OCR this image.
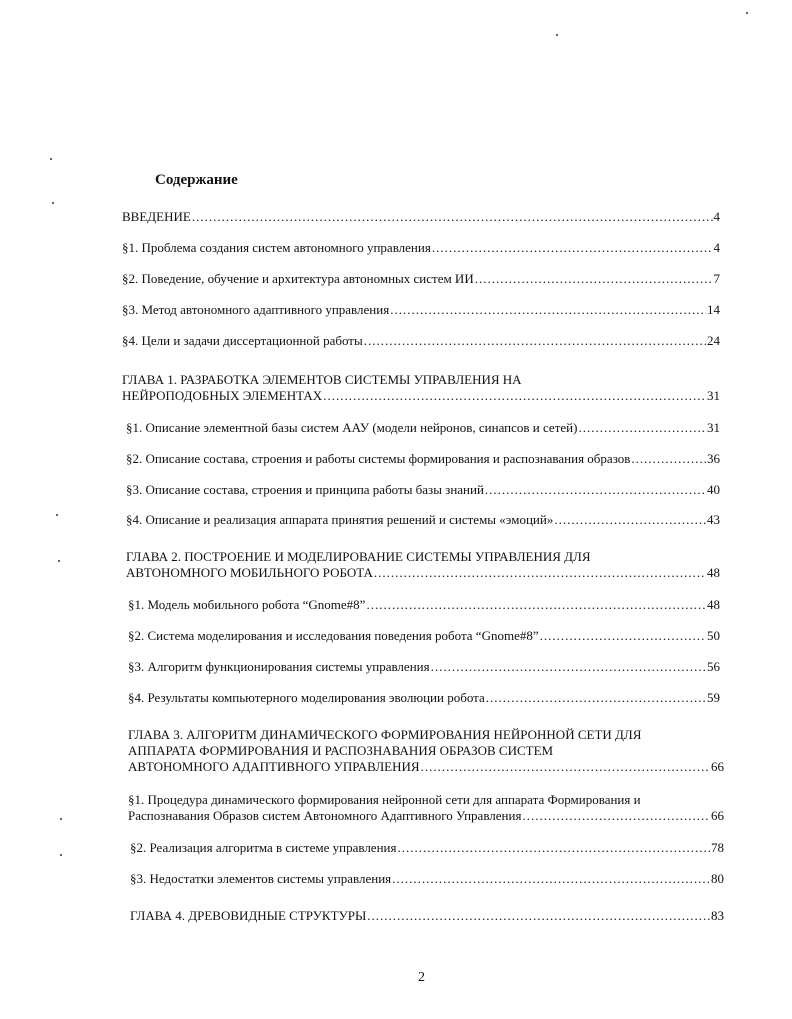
Содержание
ВВЕДЕНИЕ .....	4
§1. Проблема создания систем автономного управления .....	4
§2. Поведение, обучение и архитектура автономных систем ИИ .....	7
§3. Метод автономного адаптивного управления .....	14
§4. Цели и задачи диссертационной работы .....	24
ГЛАВА 1. РАЗРАБОТКА ЭЛЕМЕНТОВ СИСТЕМЫ УПРАВЛЕНИЯ НА
НЕЙРОПОДОБНЫХ ЭЛЕМЕНТАХ .....	31
§1. Описание элементной базы систем ААУ (модели нейронов, синапсов и сетей) .....	31
§2. Описание состава, строения и работы системы формирования и распознавания образов .....	36
§3. Описание состава, строения и принципа работы базы знаний .....	40
§4. Описание и реализация аппарата принятия решений и системы «эмоций» .....	43
ГЛАВА 2. ПОСТРОЕНИЕ И МОДЕЛИРОВАНИЕ СИСТЕМЫ УПРАВЛЕНИЯ ДЛЯ
АВТОНОМНОГО МОБИЛЬНОГО РОБОТА .....	48
§1. Модель мобильного робота “Gnome#8” .....	48
§2. Система моделирования и исследования поведения робота “Gnome#8” .....	50
§3. Алгоритм функционирования системы управления .....	56
§4. Результаты компьютерного моделирования эволюции робота .....	59
ГЛАВА 3. АЛГОРИТМ ДИНАМИЧЕСКОГО ФОРМИРОВАНИЯ НЕЙРОННОЙ СЕТИ ДЛЯ
АППАРАТА ФОРМИРОВАНИЯ И РАСПОЗНАВАНИЯ ОБРАЗОВ СИСТЕМ
АВТОНОМНОГО АДАПТИВНОГО УПРАВЛЕНИЯ .....	66
§1. Процедура динамического формирования нейронной сети для аппарата Формирования и
Распознавания Образов систем Автономного Адаптивного Управления .....	66
§2. Реализация алгоритма в системе управления .....	78
§3. Недостатки элементов системы управления .....	80
ГЛАВА 4. ДРЕВОВИДНЫЕ СТРУКТУРЫ .....	83
2
